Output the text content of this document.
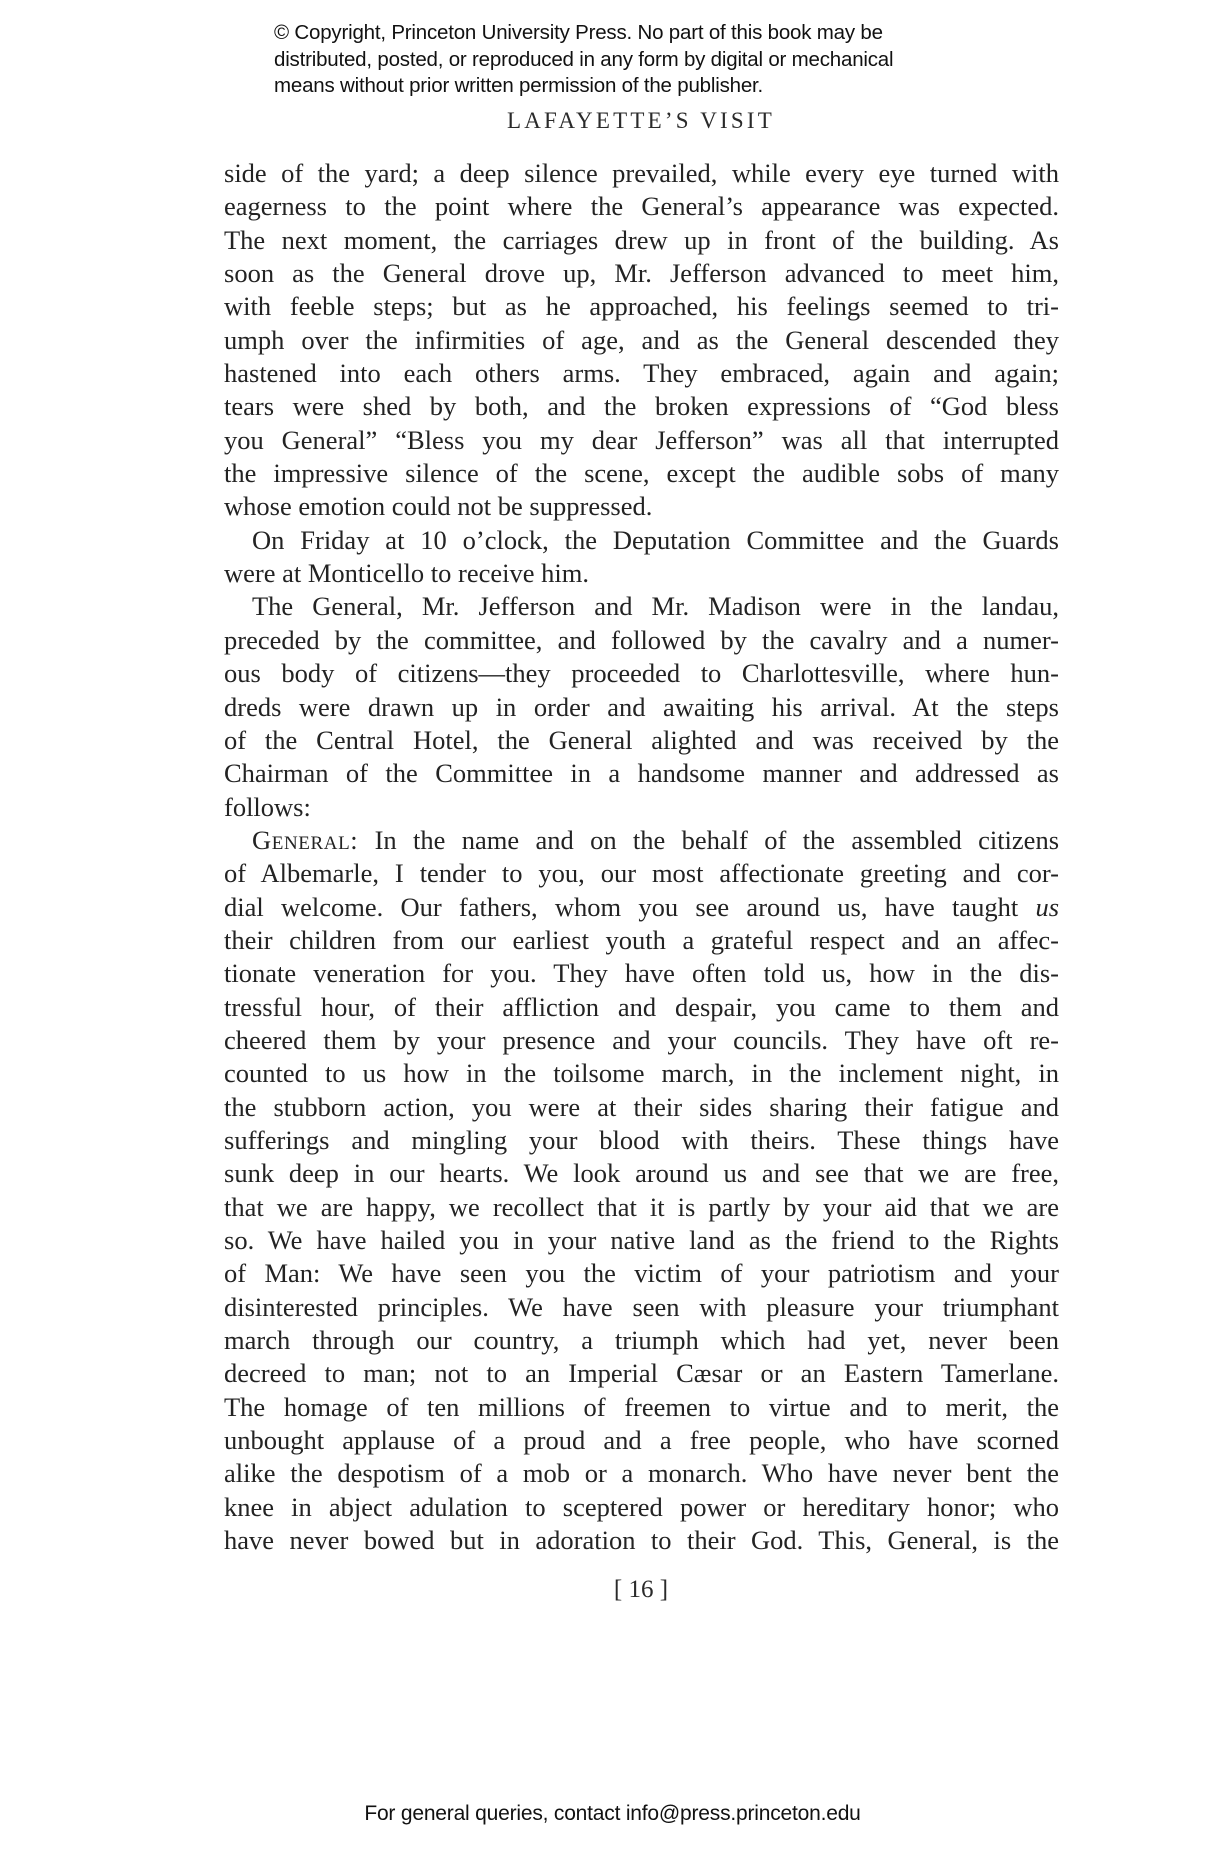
© Copyright, Princeton University Press. No part of this book may be
distributed, posted, or reproduced in any form by digital or mechanical
means without prior written permission of the publisher.
LAFAYETTE’S VISIT
side of the yard; a deep silence prevailed, while every eye turned with
eagerness to the point where the General’s appearance was expected.
The next moment, the carriages drew up in front of the building. As
soon as the General drove up, Mr. Jefferson advanced to meet him,
with feeble steps; but as he approached, his feelings seemed to tri-
umph over the infirmities of age, and as the General descended they
hastened into each others arms. They embraced, again and again;
tears were shed by both, and the broken expressions of “God bless
you General” “Bless you my dear Jefferson” was all that interrupted
the impressive silence of the scene, except the audible sobs of many
whose emotion could not be suppressed.
On Friday at 10 o’clock, the Deputation Committee and the Guards
were at Monticello to receive him.
The General, Mr. Jefferson and Mr. Madison were in the landau,
preceded by the committee, and followed by the cavalry and a numer-
ous body of citizens—they proceeded to Charlottesville, where hun-
dreds were drawn up in order and awaiting his arrival. At the steps
of the Central Hotel, the General alighted and was received by the
Chairman of the Committee in a handsome manner and addressed as
follows:
General: In the name and on the behalf of the assembled citizens
of Albemarle, I tender to you, our most affectionate greeting and cor-
dial welcome. Our fathers, whom you see around us, have taught us
their children from our earliest youth a grateful respect and an affec-
tionate veneration for you. They have often told us, how in the dis-
tressful hour, of their affliction and despair, you came to them and
cheered them by your presence and your councils. They have oft re-
counted to us how in the toilsome march, in the inclement night, in
the stubborn action, you were at their sides sharing their fatigue and
sufferings and mingling your blood with theirs. These things have
sunk deep in our hearts. We look around us and see that we are free,
that we are happy, we recollect that it is partly by your aid that we are
so. We have hailed you in your native land as the friend to the Rights
of Man: We have seen you the victim of your patriotism and your
disinterested principles. We have seen with pleasure your triumphant
march through our country, a triumph which had yet, never been
decreed to man; not to an Imperial Cæsar or an Eastern Tamerlane.
The homage of ten millions of freemen to virtue and to merit, the
unbought applause of a proud and a free people, who have scorned
alike the despotism of a mob or a monarch. Who have never bent the
knee in abject adulation to sceptered power or hereditary honor; who
have never bowed but in adoration to their God. This, General, is the
[ 16 ]
For general queries, contact info@press.princeton.edu
